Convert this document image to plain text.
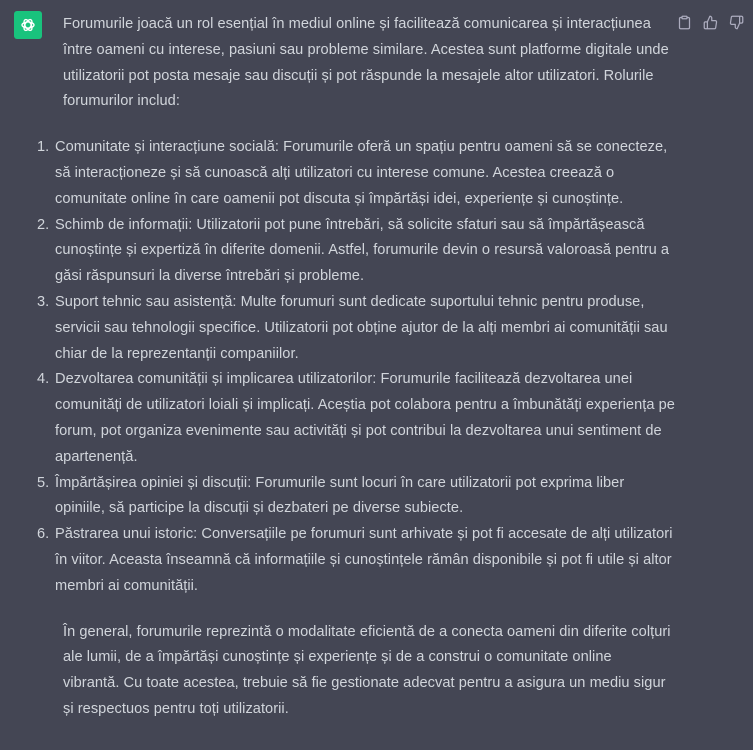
Forumurile joacă un rol esențial în mediul online și facilitează comunicarea și interacțiunea între oameni cu interese, pasiuni sau probleme similare. Acestea sunt platforme digitale unde utilizatorii pot posta mesaje sau discuții și pot răspunde la mesajele altor utilizatori. Rolurile forumurilor includ:

1. Comunitate și interacțiune socială: Forumurile oferă un spațiu pentru oameni să se conecteze, să interacționeze și să cunoască alți utilizatori cu interese comune. Acestea creează o comunitate online în care oamenii pot discuta și împărtăși idei, experiențe și cunoștințe.
2. Schimb de informații: Utilizatorii pot pune întrebări, să solicite sfaturi sau să împărtășească cunoștințe și expertiză în diferite domenii. Astfel, forumurile devin o resursă valoroasă pentru a găsi răspunsuri la diverse întrebări și probleme.
3. Suport tehnic sau asistență: Multe forumuri sunt dedicate suportului tehnic pentru produse, servicii sau tehnologii specifice. Utilizatorii pot obține ajutor de la alți membri ai comunității sau chiar de la reprezentanții companiilor.
4. Dezvoltarea comunității și implicarea utilizatorilor: Forumurile facilitează dezvoltarea unei comunități de utilizatori loiali și implicați. Aceștia pot colabora pentru a îmbunătăți experiența pe forum, pot organiza evenimente sau activități și pot contribui la dezvoltarea unui sentiment de apartenență.
5. Împărtășirea opiniei și discuții: Forumurile sunt locuri în care utilizatorii pot exprima liber opiniile, să participe la discuții și dezbateri pe diverse subiecte.
6. Păstrarea unui istoric: Conversațiile pe forumuri sunt arhivate și pot fi accesate de alți utilizatori în viitor. Aceasta înseamnă că informațiile și cunoștințele rămân disponibile și pot fi utile și altor membri ai comunității.

În general, forumurile reprezintă o modalitate eficientă de a conecta oameni din diferite colțuri ale lumii, de a împărtăși cunoștințe și experiențe și de a construi o comunitate online vibrantă. Cu toate acestea, trebuie să fie gestionate adecvat pentru a asigura un mediu sigur și respectuos pentru toți utilizatorii.
